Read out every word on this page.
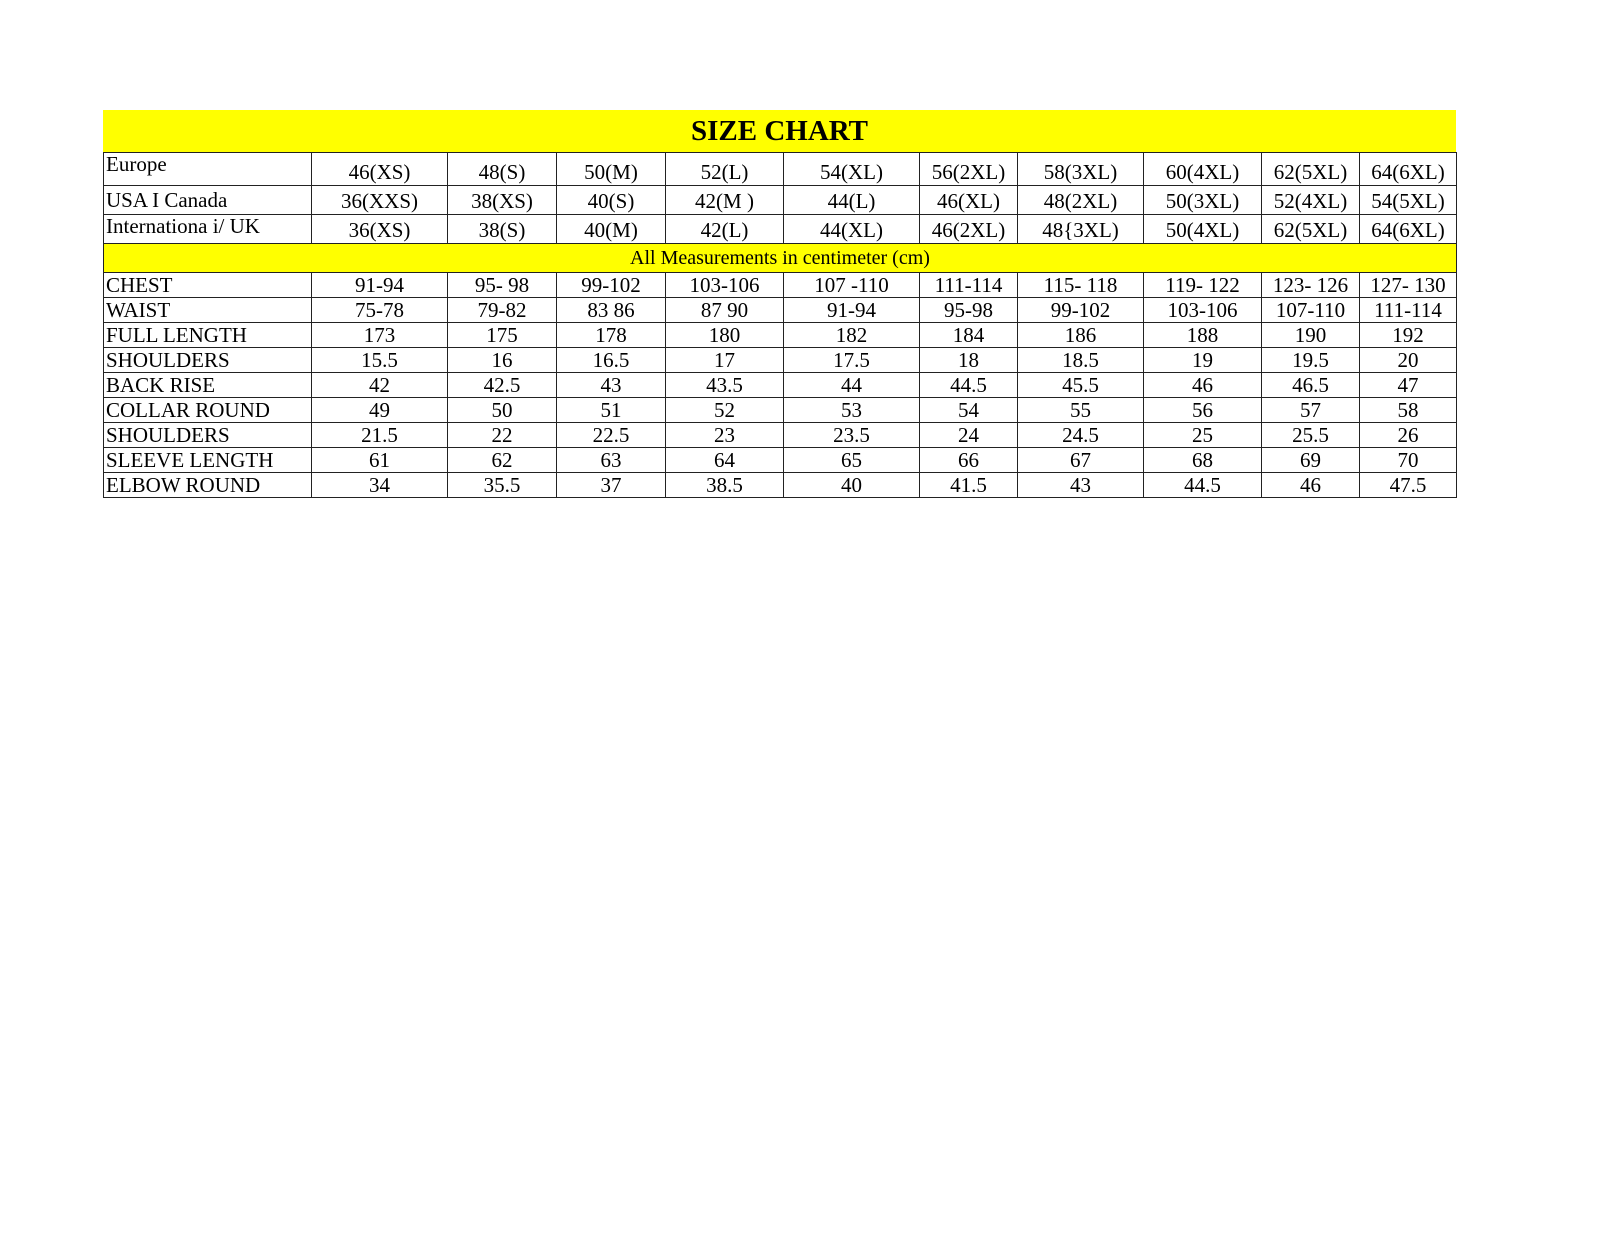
SIZE CHART
Europe	46(XS)	48(S)	50(M)	52(L)	54(XL)	56(2XL)	58(3XL)	60(4XL)	62(5XL)	64(6XL)
USA I Canada	36(XXS)	38(XS)	40(S)	42(M )	44(L)	46(XL)	48(2XL)	50(3XL)	52(4XL)	54(5XL)
Internationa i/ UK	36(XS)	38(S)	40(M)	42(L)	44(XL)	46(2XL)	48{3XL)	50(4XL)	62(5XL)	64(6XL)
All Measurements in centimeter (cm)										
CHEST	91-94	95- 98	99-102	103-106	107 -110	111-114	115- 118	119- 122	123- 126	127- 130
WAIST	75-78	79-82	83 86	87 90	91-94	95-98	99-102	103-106	107-110	111-114
FULL LENGTH	173	175	178	180	182	184	186	188	190	192
SHOULDERS	15.5	16	16.5	17	17.5	18	18.5	19	19.5	20
BACK RISE	42	42.5	43	43.5	44	44.5	45.5	46	46.5	47
COLLAR ROUND	49	50	51	52	53	54	55	56	57	58
SHOULDERS	21.5	22	22.5	23	23.5	24	24.5	25	25.5	26
SLEEVE LENGTH	61	62	63	64	65	66	67	68	69	70
ELBOW ROUND	34	35.5	37	38.5	40	41.5	43	44.5	46	47.5
